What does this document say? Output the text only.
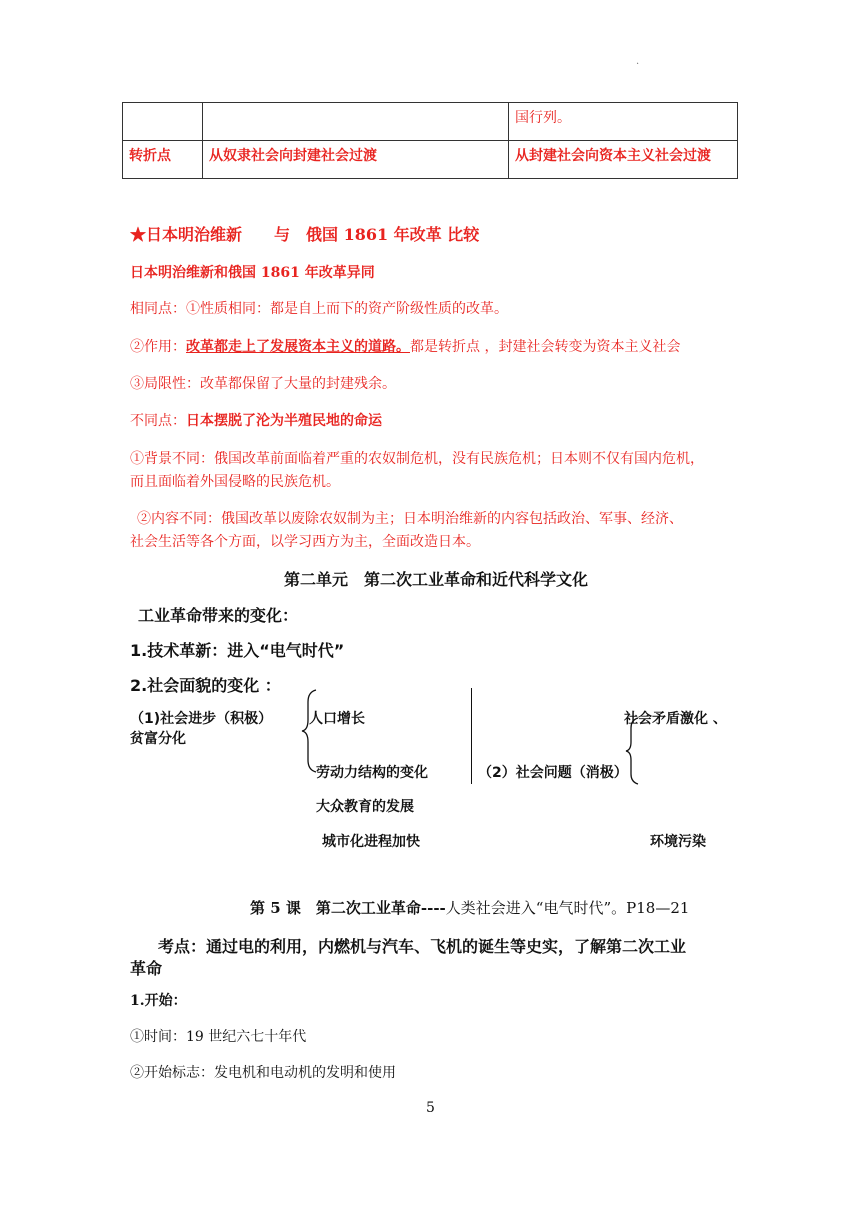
.
		国行列。
转折点	从奴隶社会向封建社会过渡	从封建社会向资本主义社会过渡
★日本明治维新　　与　俄国 1861 年改革 比较
日本明治维新和俄国 1861 年改革异同
相同点：①性质相同：都是自上而下的资产阶级性质的改革。
②作用：改革都走上了发展资本主义的道路。都是转折点 ，封建社会转变为资本主义社会
③局限性：改革都保留了大量的封建残余。
不同点：日本摆脱了沦为半殖民地的命运
①背景不同：俄国改革前面临着严重的农奴制危机，没有民族危机；日本则不仅有国内危机，
而且面临着外国侵略的民族危机。
②内容不同：俄国改革以废除农奴制为主；日本明治维新的内容包括政治、军事、经济、
社会生活等各个方面，以学习西方为主，全面改造日本。
第二单元　第二次工业革命和近代科学文化
工业革命带来的变化：
1.技术革新：进入“电气时代”
2.社会面貌的变化 ：
（1)社会进步（积极）
贫富分化
人口增长
劳动力结构的变化
大众教育的发展
城市化进程加快
（2）社会问题（消极）
社会矛盾激化 、
环境污染
第 5 课　第二次工业革命----人类社会进入“电气时代”。P18—21
考点：通过电的利用，内燃机与汽车、飞机的诞生等史实，了解第二次工业
革命
1.开始：
①时间：19 世纪六七十年代
②开始标志：发电机和电动机的发明和使用
5
